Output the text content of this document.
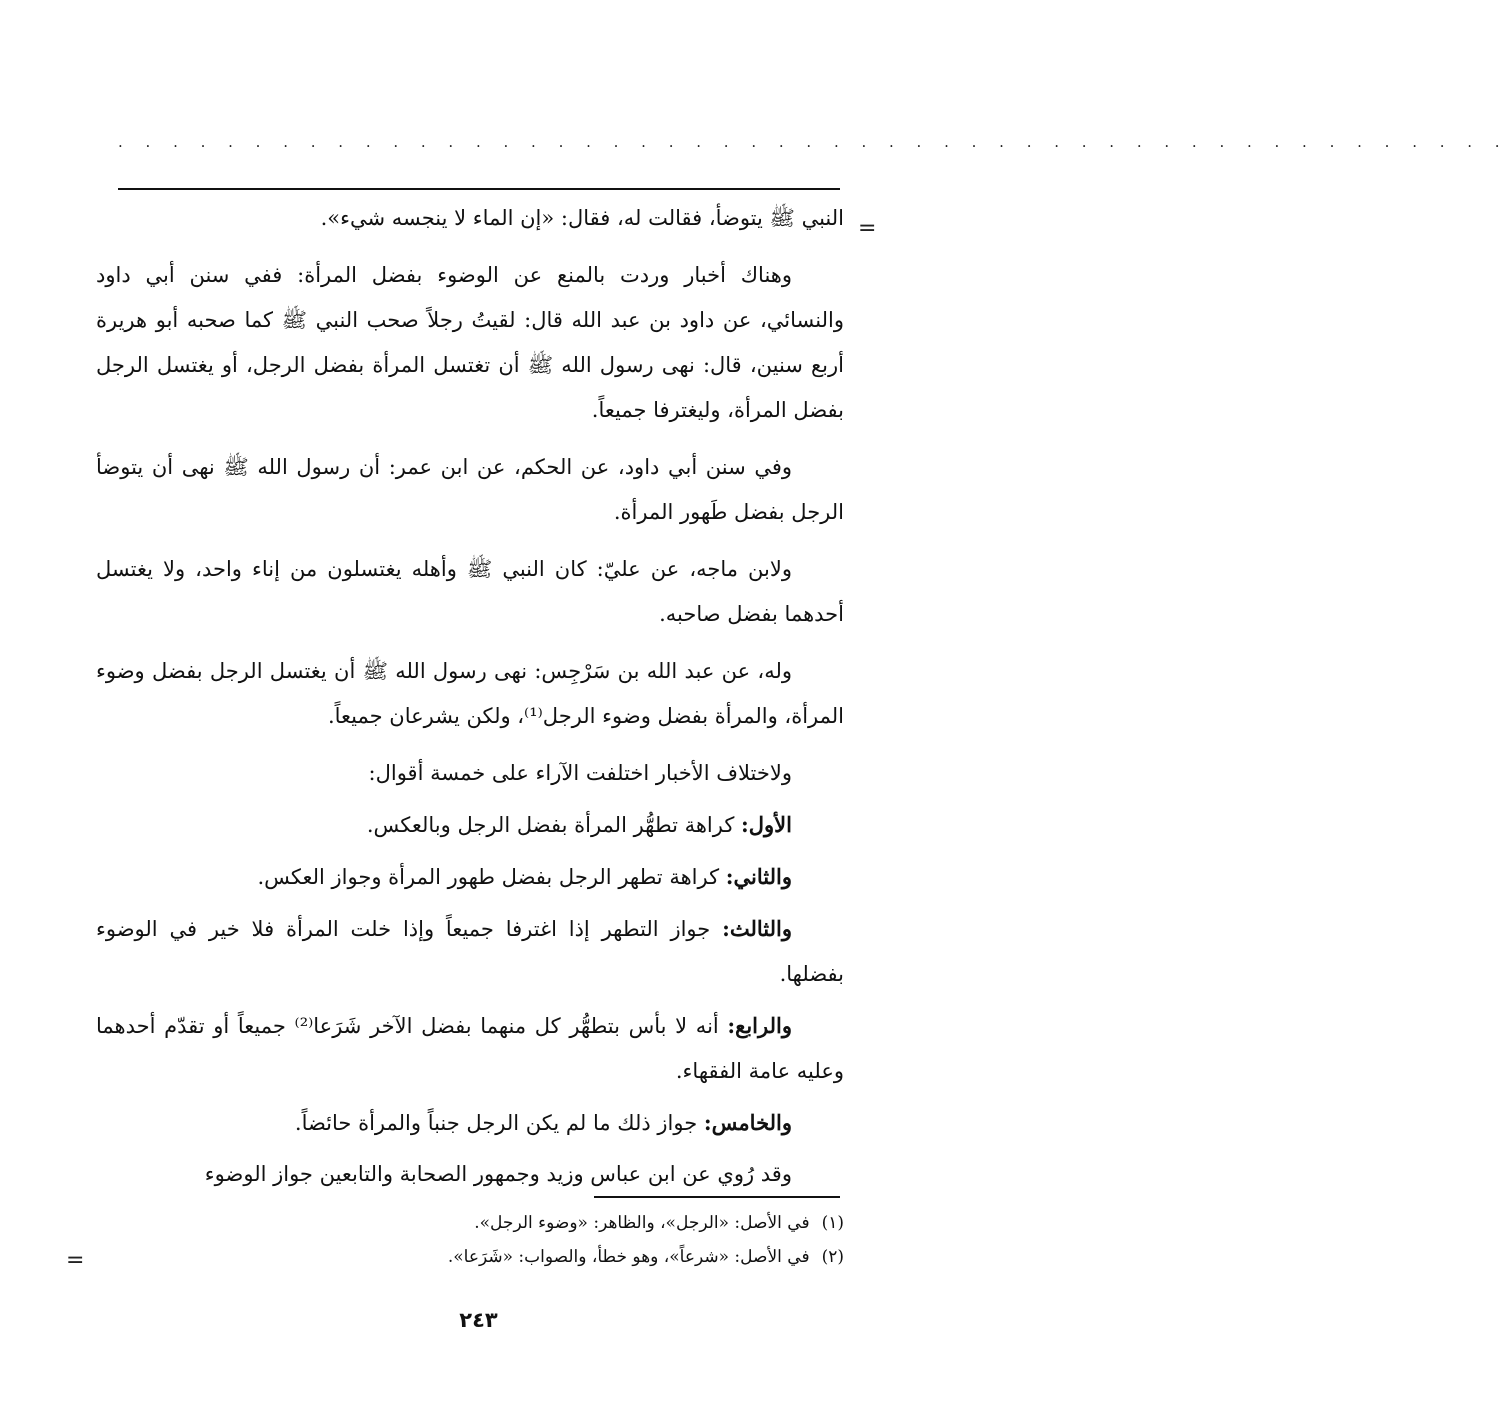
. . . . . . . . . . . . . . . . . . . . . . . . . . . . . . . . . . . . . . . . . . . . . . . . . . .
=

النبي ﷺ يتوضأ، فقالت له، فقال: «إن الماء لا ينجسه شيء».

وهناك أخبار وردت بالمنع عن الوضوء بفضل المرأة: ففي سنن أبي داود والنسائي، عن داود بن عبد الله قال: لقيتُ رجلاً صحب النبي ﷺ كما صحبه أبو هريرة أربع سنين، قال: نهى رسول الله ﷺ أن تغتسل المرأة بفضل الرجل، أو يغتسل الرجل بفضل المرأة، وليغترفا جميعاً.

وفي سنن أبي داود، عن الحكم، عن ابن عمر: أن رسول الله ﷺ نهى أن يتوضأ الرجل بفضل طَهور المرأة.

ولابن ماجه، عن عليّ: كان النبي ﷺ وأهله يغتسلون من إناء واحد، ولا يغتسل أحدهما بفضل صاحبه.

وله، عن عبد الله بن سَرْجِس: نهى رسول الله ﷺ أن يغتسل الرجل بفضل وضوء المرأة، والمرأة بفضل وضوء الرجل⁽¹⁾، ولكن يشرعان جميعاً.

ولاختلاف الأخبار اختلفت الآراء على خمسة أقوال:

الأول: كراهة تطهُّر المرأة بفضل الرجل وبالعكس.

والثاني: كراهة تطهر الرجل بفضل طهور المرأة وجواز العكس.

والثالث: جواز التطهر إذا اغترفا جميعاً وإذا خلت المرأة فلا خير في الوضوء بفضلها.

والرابع: أنه لا بأس بتطهُّر كل منهما بفضل الآخر شَرَعا⁽²⁾ جميعاً أو تقدّم أحدهما وعليه عامة الفقهاء.

والخامس: جواز ذلك ما لم يكن الرجل جنباً والمرأة حائضاً.

وقد رُوي عن ابن عباس وزيد وجمهور الصحابة والتابعين جواز الوضوء

(١)في الأصل: «الرجل»، والظاهر: «وضوء الرجل».
(٢)في الأصل: «شرعاً»، وهو خطأ، والصواب: «شَرَعا».
=
٢٤٣
